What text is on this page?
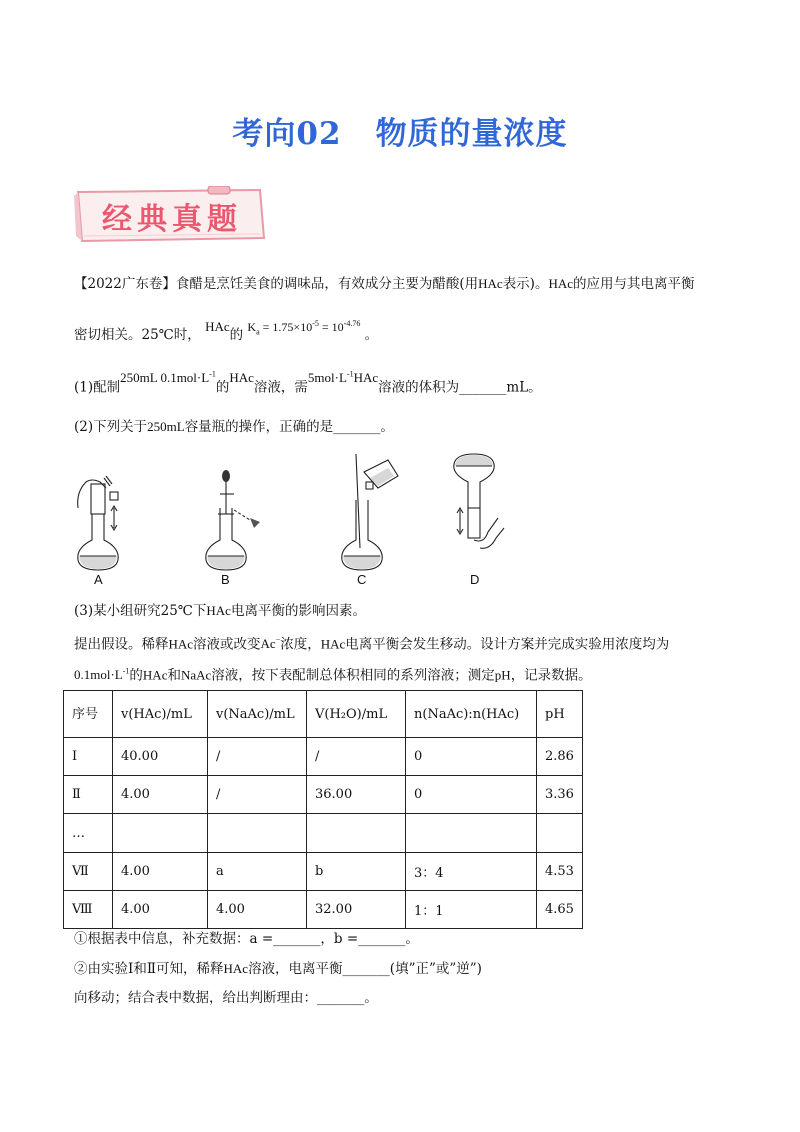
考向02 物质的量浓度
经典真题
【2022广东卷】食醋是烹饪美食的调味品，有效成分主要为醋酸(用HAc表示)。HAc的应用与其电离平衡
密切相关。25℃时， HAc的 $K_a = 1.75\times 10^{-5} = 10^{-4.76}$ 。
(1)配制250mL $0.1mol\cdot L^{-1}$的HAc溶液，需$5mol\cdot L^{-1}HAc$溶液的体积为_______mL。
(2)下列关于250mL容量瓶的操作，正确的是_______。
A	B	C	D
(3)某小组研究25℃下HAc电离平衡的影响因素。
提出假设。稀释HAc溶液或改变Ac−浓度，HAc电离平衡会发生移动。设计方案并完成实验用浓度均为
$0.1mol\cdot L^{-1}$的HAc和NaAc溶液，按下表配制总体积相同的系列溶液；测定pH，记录数据。
序号	v(HAc)/mL	v(NaAc)/mL	V(H₂O)/mL	n(NaAc):n(HAc)	pH
Ⅰ	40.00	/	/	0	2.86
Ⅱ	4.00	/	36.00	0	3.36
…					
Ⅶ	4.00	a	b	3：4	4.53
Ⅷ	4.00	4.00	32.00	1：1	4.65
①根据表中信息，补充数据：a =_______，b =_______。
②由实验Ⅰ和Ⅱ可知，稀释HAc溶液，电离平衡_______(填”正”或”逆”)
向移动；结合表中数据，给出判断理由：_______。
